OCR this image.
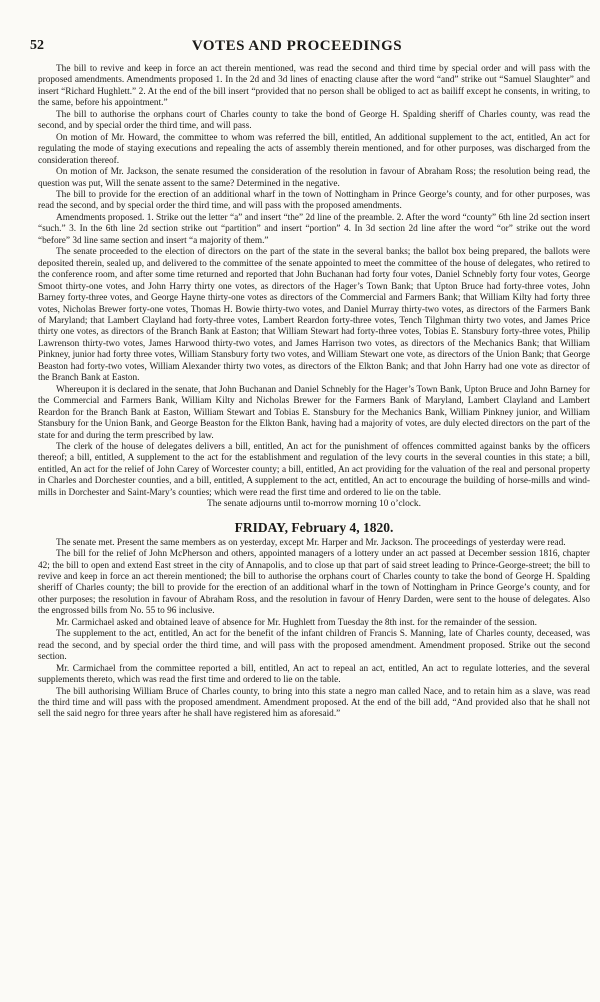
52	VOTES AND PROCEEDINGS

The bill to revive and keep in force an act therein mentioned, was read the second and third time by special order and will pass with the proposed amendments. Amendments proposed 1. In the 2d and 3d lines of enacting clause after the word “and” strike out “Samuel Slaughter” and insert “Richard Hughlett.” 2. At the end of the bill insert “provided that no person shall be obliged to act as bailiff except he consents, in writing, to the same, before his appointment.”

The bill to authorise the orphans court of Charles county to take the bond of George H. Spalding sheriff of Charles county, was read the second, and by special order the third time, and will pass.

On motion of Mr. Howard, the committee to whom was referred the bill, entitled, An additional supplement to the act, entitled, An act for regulating the mode of staying executions and repealing the acts of assembly therein mentioned, and for other purposes, was discharged from the consideration thereof.

On motion of Mr. Jackson, the senate resumed the consideration of the resolution in favour of Abraham Ross; the resolution being read, the question was put, Will the senate assent to the same? Determined in the negative.

The bill to provide for the erection of an additional wharf in the town of Nottingham in Prince George’s county, and for other purposes, was read the second, and by special order the third time, and will pass with the proposed amendments.

Amendments proposed. 1. Strike out the letter “a” and insert “the” 2d line of the preamble. 2. After the word “county” 6th line 2d section insert “such.” 3. In the 6th line 2d section strike out “partition” and insert “portion” 4. In 3d section 2d line after the word “or” strike out the word “before” 3d line same section and insert “a majority of them.”

The senate proceeded to the election of directors on the part of the state in the several banks; the ballot box being prepared, the ballots were deposited therein, sealed up, and delivered to the committee of the senate appointed to meet the committee of the house of delegates, who retired to the conference room, and after some time returned and reported that John Buchanan had forty four votes, Daniel Schnebly forty four votes, George Smoot thirty-one votes, and John Harry thirty one votes, as directors of the Hager’s Town Bank; that Upton Bruce had forty-three votes, John Barney forty-three votes, and George Hayne thirty-one votes as directors of the Commercial and Farmers Bank; that William Kilty had forty three votes, Nicholas Brewer forty-one votes, Thomas H. Bowie thirty-two votes, and Daniel Murray thirty-two votes, as directors of the Farmers Bank of Maryland; that Lambert Clayland had forty-three votes, Lambert Reardon forty-three votes, Tench Tilghman thirty two votes, and James Price thirty one votes, as directors of the Branch Bank at Easton; that William Stewart had forty-three votes, Tobias E. Stansbury forty-three votes, Philip Lawrenson thirty-two votes, James Harwood thirty-two votes, and James Harrison two votes, as directors of the Mechanics Bank; that William Pinkney, junior had forty three votes, William Stansbury forty two votes, and William Stewart one vote, as directors of the Union Bank; that George Beaston had forty-two votes, William Alexander thirty two votes, as directors of the Elkton Bank; and that John Harry had one vote as director of the Branch Bank at Easton.

Whereupon it is declared in the senate, that John Buchanan and Daniel Schnebly for the Hager’s Town Bank, Upton Bruce and John Barney for the Commercial and Farmers Bank, William Kilty and Nicholas Brewer for the Farmers Bank of Maryland, Lambert Clayland and Lambert Reardon for the Branch Bank at Easton, William Stewart and Tobias E. Stansbury for the Mechanics Bank, William Pinkney junior, and William Stansbury for the Union Bank, and George Beaston for the Elkton Bank, having had a majority of votes, are duly elected directors on the part of the state for and during the term prescribed by law.

The clerk of the house of delegates delivers a bill, entitled, An act for the punishment of offences committed against banks by the officers thereof; a bill, entitled, A supplement to the act for the establishment and regulation of the levy courts in the several counties in this state; a bill, entitled, An act for the relief of John Carey of Worcester county; a bill, entitled, An act providing for the valuation of the real and personal property in Charles and Dorchester counties, and a bill, entitled, A supplement to the act, entitled, An act to encourage the building of horse-mills and wind-mills in Dorchester and Saint-Mary’s counties; which were read the first time and ordered to lie on the table.

The senate adjourns until to-morrow morning 10 o’clock.

FRIDAY, February 4, 1820.

The senate met. Present the same members as on yesterday, except Mr. Harper and Mr. Jackson. The proceedings of yesterday were read.

The bill for the relief of John McPherson and others, appointed managers of a lottery under an act passed at December session 1816, chapter 42; the bill to open and extend East street in the city of Annapolis, and to close up that part of said street leading to Prince-George-street; the bill to revive and keep in force an act therein mentioned; the bill to authorise the orphans court of Charles county to take the bond of George H. Spalding sheriff of Charles county; the bill to provide for the erection of an additional wharf in the town of Nottingham in Prince George’s county, and for other purposes; the resolution in favour of Abraham Ross, and the resolution in favour of Henry Darden, were sent to the house of delegates. Also the engrossed bills from No. 55 to 96 inclusive.

Mr. Carmichael asked and obtained leave of absence for Mr. Hughlett from Tuesday the 8th inst. for the remainder of the session.

The supplement to the act, entitled, An act for the benefit of the infant children of Francis S. Manning, late of Charles county, deceased, was read the second, and by special order the third time, and will pass with the proposed amendment. Amendment proposed. Strike out the second section.

Mr. Carmichael from the committee reported a bill, entitled, An act to repeal an act, entitled, An act to regulate lotteries, and the several supplements thereto, which was read the first time and ordered to lie on the table.

The bill authorising William Bruce of Charles county, to bring into this state a negro man called Nace, and to retain him as a slave, was read the third time and will pass with the proposed amendment. Amendment proposed. At the end of the bill add, “And provided also that he shall not sell the said negro for three years after he shall have registered him as aforesaid.”
